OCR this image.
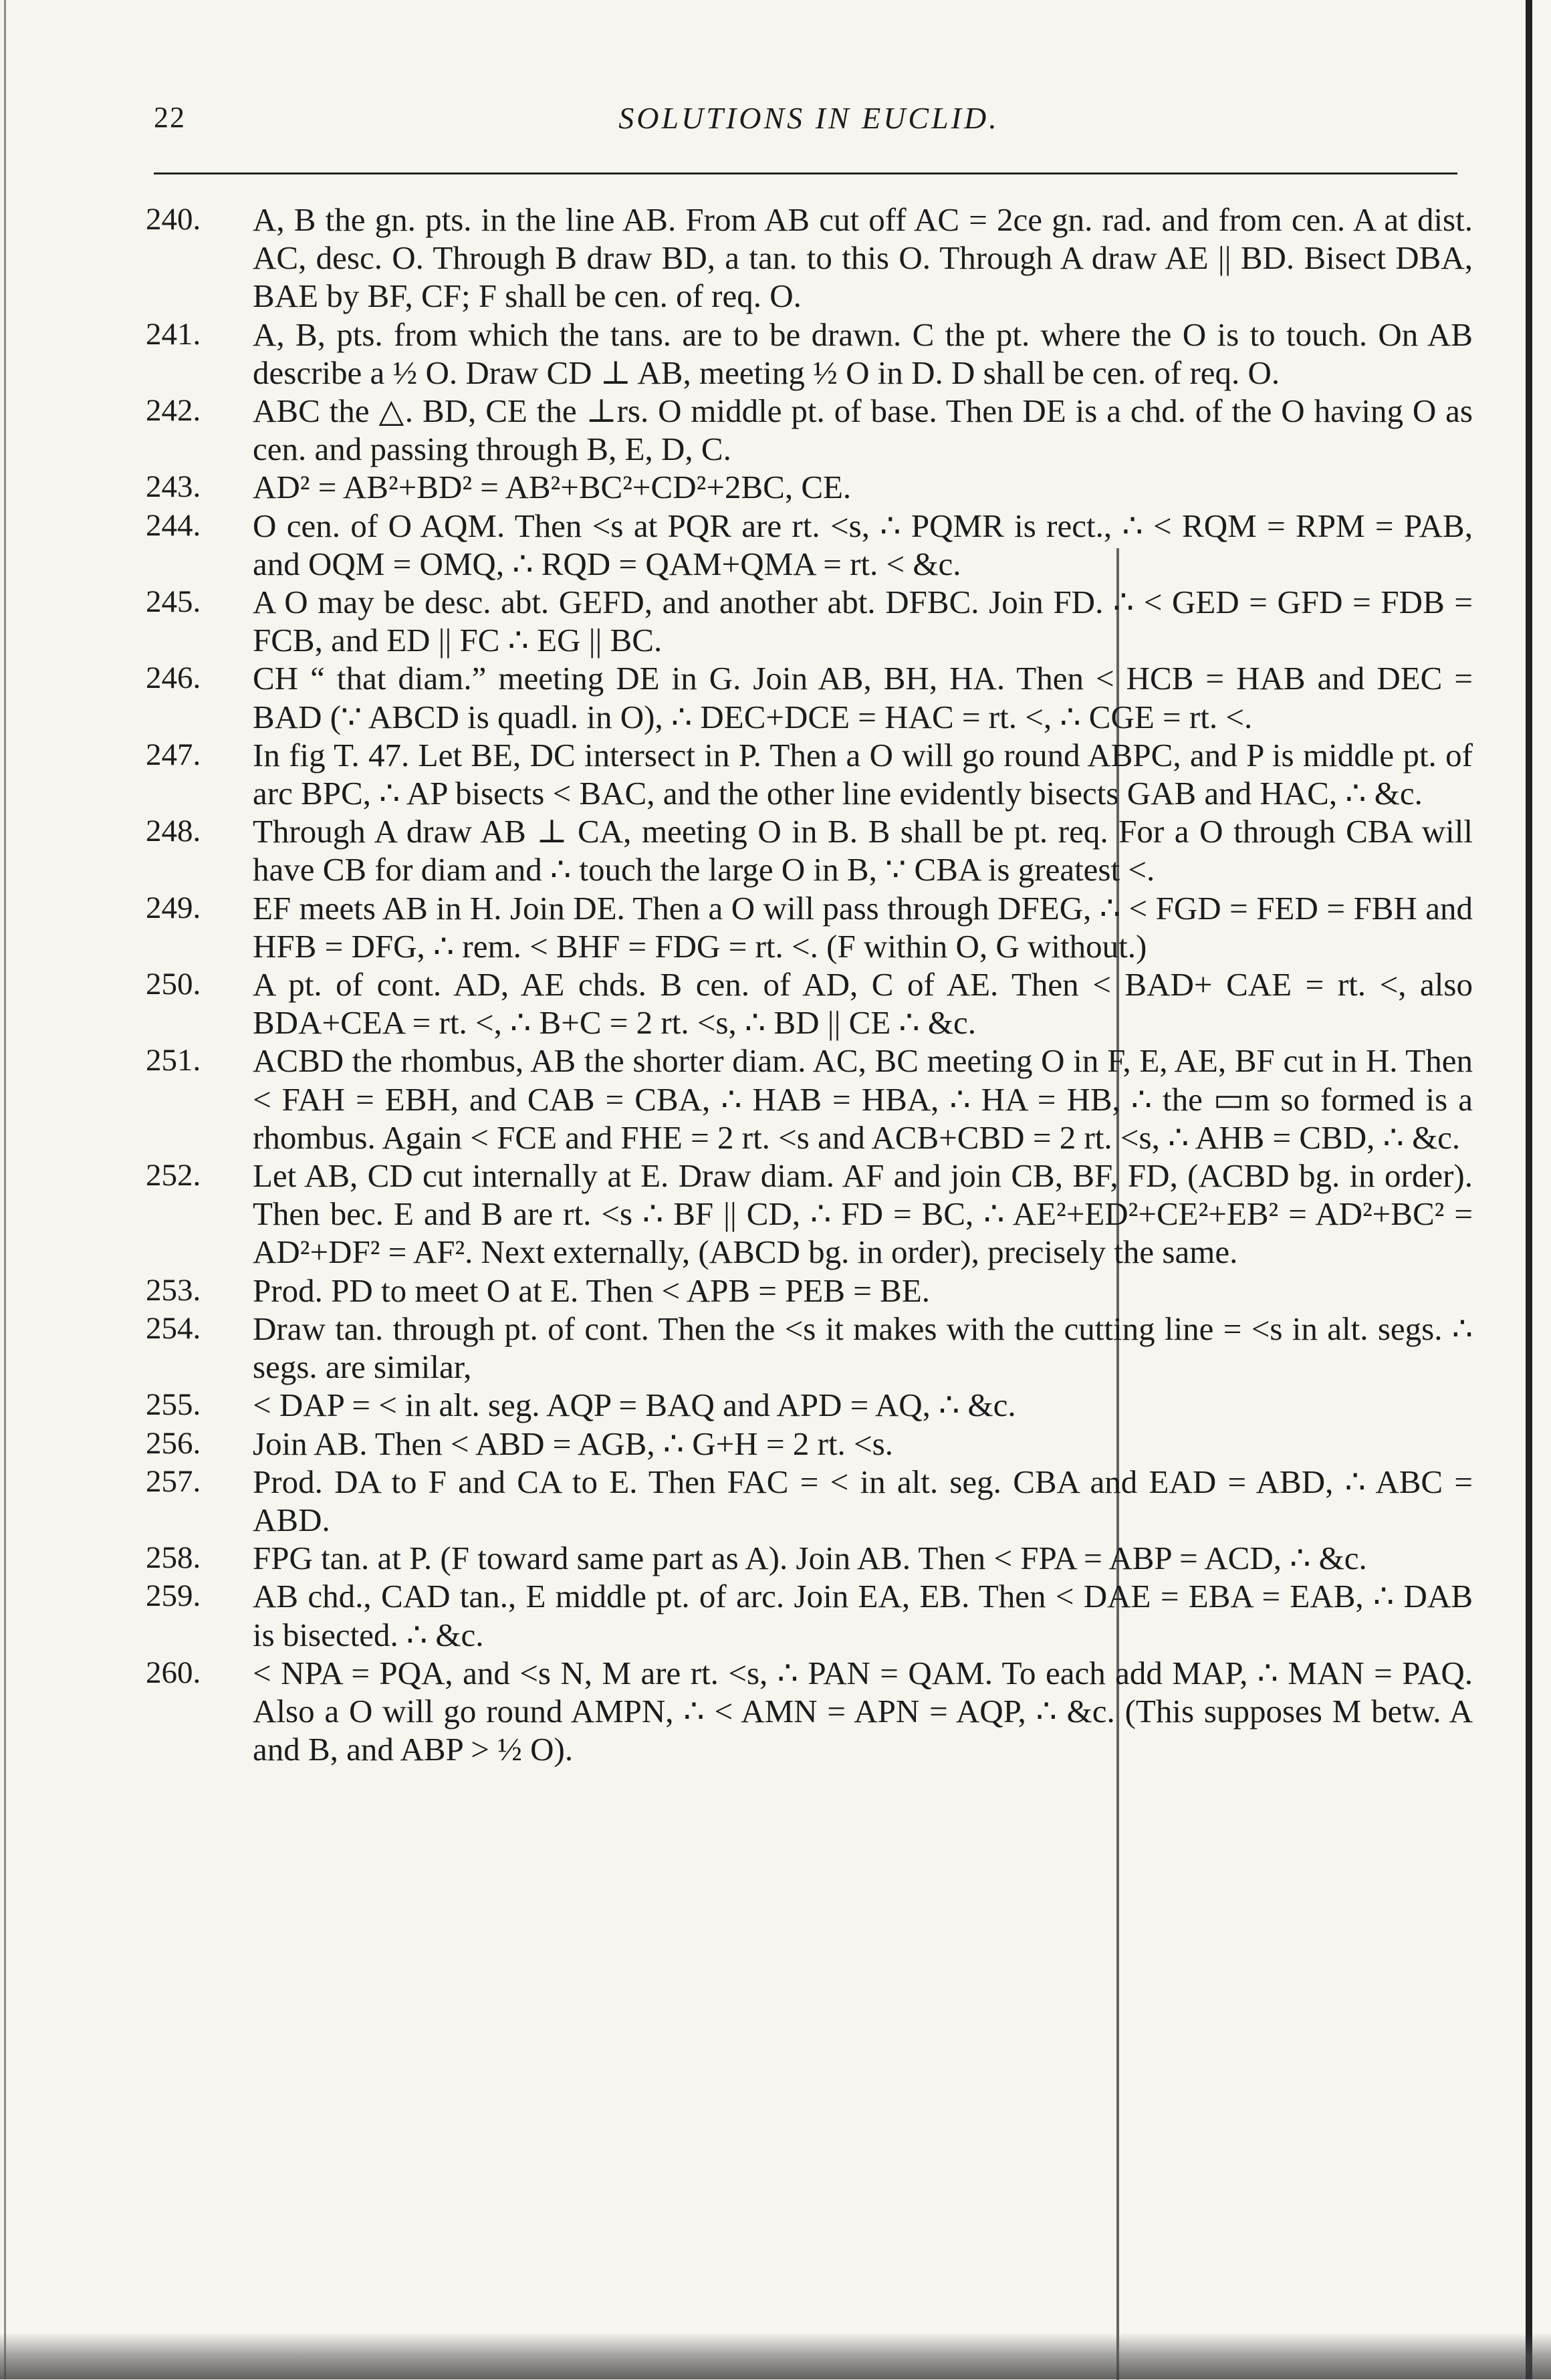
22	SOLUTIONS IN EUCLID.
240. A, B the gn. pts. in the line AB. From AB cut off AC = 2ce gn. rad. and from cen. A at dist. AC, desc. O. Through B draw BD, a tan. to this O. Through A draw AE || BD. Bisect DBA, BAE by BF, CF; F shall be cen. of req. O.
241. A, B, pts. from which the tans. are to be drawn. C the pt. where the O is to touch. On AB describe a ½ O. Draw CD ⊥ AB, meeting ½ O in D. D shall be cen. of req. O.
242. ABC the △. BD, CE the ⊥rs. O middle pt. of base. Then DE is a chd. of the O having O as cen. and passing through B, E, D, C.
243. AD² = AB²+BD² = AB²+BC²+CD²+2BC, CE.
244. O cen. of O AQM. Then <s at PQR are rt. <s, ∴ PQMR is rect., ∴ < RQM = RPM = PAB, and OQM = OMQ, ∴ RQD = QAM+QMA = rt. < &c.
245. A O may be desc. abt. GEFD, and another abt. DFBC. Join FD. ∴ < GED = GFD = FDB = FCB, and ED || FC ∴ EG || BC.
246. CH “ that diam.” meeting DE in G. Join AB, BH, HA. Then < HCB = HAB and DEC = BAD (∵ ABCD is quadl. in O), ∴ DEC+DCE = HAC = rt. <, ∴ CGE = rt. <.
247. In fig T. 47. Let BE, DC intersect in P. Then a O will go round ABPC, and P is middle pt. of arc BPC, ∴ AP bisects < BAC, and the other line evidently bisects GAB and HAC, ∴ &c.
248. Through A draw AB ⊥ CA, meeting O in B. B shall be pt. req. For a O through CBA will have CB for diam and ∴ touch the large O in B, ∵ CBA is greatest <.
249. EF meets AB in H. Join DE. Then a O will pass through DFEG, ∴ < FGD = FED = FBH and HFB = DFG, ∴ rem. < BHF = FDG = rt. <. (F within O, G without.)
250. A pt. of cont. AD, AE chds. B cen. of AD, C of AE. Then < BAD+ CAE = rt. <, also BDA+CEA = rt. <, ∴ B+C = 2 rt. <s, ∴ BD || CE ∴ &c.
251. ACBD the rhombus, AB the shorter diam. AC, BC meeting O in F, E, AE, BF cut in H. Then < FAH = EBH, and CAB = CBA, ∴ HAB = HBA, ∴ HA = HB, ∴ the ▭m so formed is a rhombus. Again < FCE and FHE = 2 rt. <s and ACB+CBD = 2 rt. <s, ∴ AHB = CBD, ∴ &c.
252. Let AB, CD cut internally at E. Draw diam. AF and join CB, BF, FD, (ACBD bg. in order). Then bec. E and B are rt. <s ∴ BF || CD, ∴ FD = BC, ∴ AE²+ED²+CE²+EB² = AD²+BC² = AD²+DF² = AF². Next externally, (ABCD bg. in order), precisely the same.
253. Prod. PD to meet O at E. Then < APB = PEB = BE.
254. Draw tan. through pt. of cont. Then the <s it makes with the cutting line = <s in alt. segs. ∴ segs. are similar,
255. < DAP = < in alt. seg. AQP = BAQ and APD = AQ, ∴ &c.
256. Join AB. Then < ABD = AGB, ∴ G+H = 2 rt. <s.
257. Prod. DA to F and CA to E. Then FAC = < in alt. seg. CBA and EAD = ABD, ∴ ABC = ABD.
258. FPG tan. at P. (F toward same part as A). Join AB. Then < FPA = ABP = ACD, ∴ &c.
259. AB chd., CAD tan., E middle pt. of arc. Join EA, EB. Then < DAE = EBA = EAB, ∴ DAB is bisected. ∴ &c.
260. < NPA = PQA, and <s N, M are rt. <s, ∴ PAN = QAM. To each add MAP, ∴ MAN = PAQ. Also a O will go round AMPN, ∴ < AMN = APN = AQP, ∴ &c. (This supposes M betw. A and B, and ABP > ½ O).
